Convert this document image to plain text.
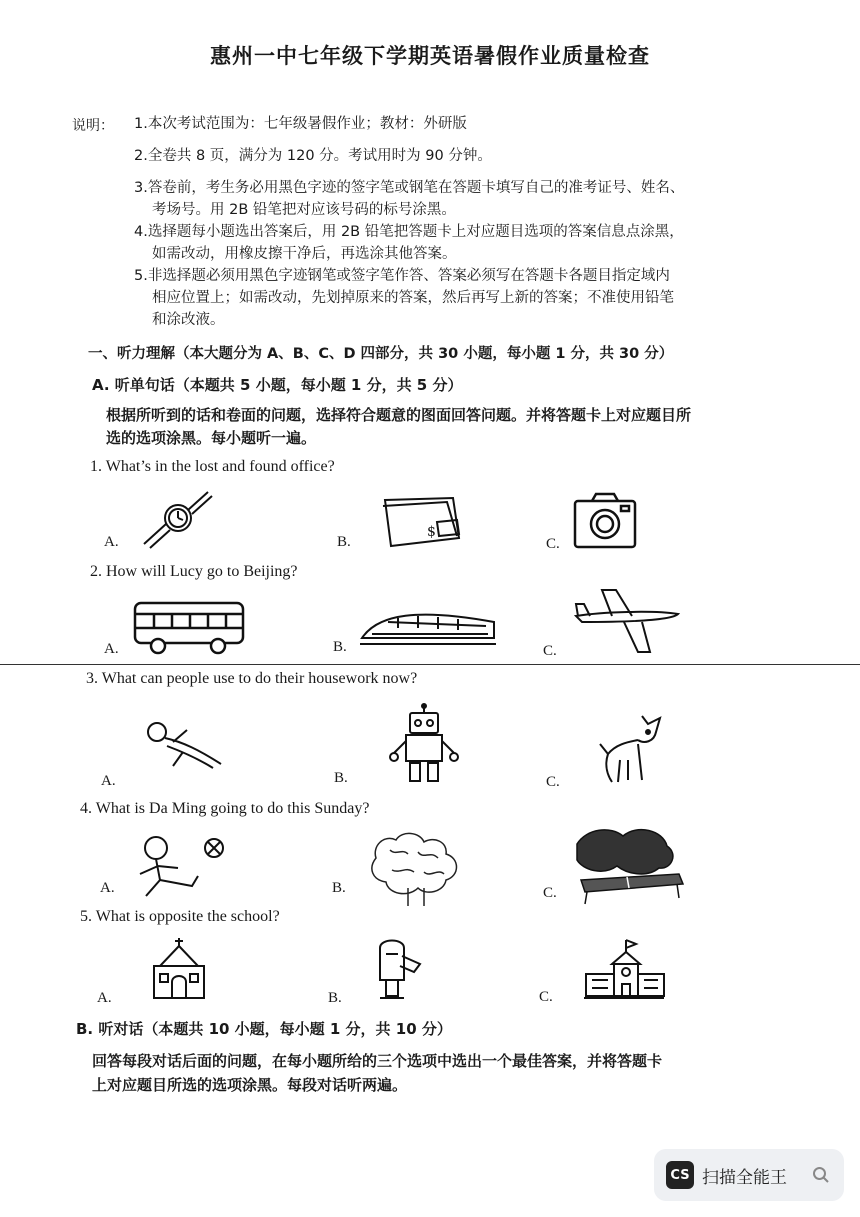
惠州一中七年级下学期英语暑假作业质量检查
说明： 1.本次考试范围为：七年级暑假作业；教材：外研版
2.全卷共 8 页，满分为 120 分。考试用时为 90 分钟。
3.答卷前，考生务必用黑色字迹的签字笔或钢笔在答题卡填写自己的准考证号、姓名、
考场号。用 2B 铅笔把对应该号码的标号涂黑。
4.选择题每小题选出答案后，用 2B 铅笔把答题卡上对应题目选项的答案信息点涂黑，
如需改动，用橡皮擦干净后，再选涂其他答案。
5.非选择题必须用黑色字迹钢笔或签字笔作答、答案必须写在答题卡各题目指定域内
相应位置上；如需改动，先划掉原来的答案，然后再写上新的答案；不准使用铅笔
和涂改液。
一、听力理解（本大题分为 A、B、C、D 四部分，共 30 小题，每小题 1 分，共 30 分）
A. 听单句话（本题共 5 小题，每小题 1 分，共 5 分）
根据所听到的话和卷面的问题，选择符合题意的图面回答问题。并将答题卡上对应题目所
选的选项涂黑。每小题听一遍。
1. What’s in the lost and found office?
A.	B.	C.
$
2. How will Lucy go to Beijing?
A.	B.	C.
3. What can people use to do their housework now?
A.	B.	C.
4. What is Da Ming going to do this Sunday?
A.	B.	C.
5. What is opposite the school?
A.	B.	C.
B. 听对话（本题共 10 小题，每小题 1 分，共 10 分）
回答每段对话后面的问题，在每小题所给的三个选项中选出一个最佳答案，并将答题卡
上对应题目所选的选项涂黑。每段对话听两遍。
CS 扫描全能王
